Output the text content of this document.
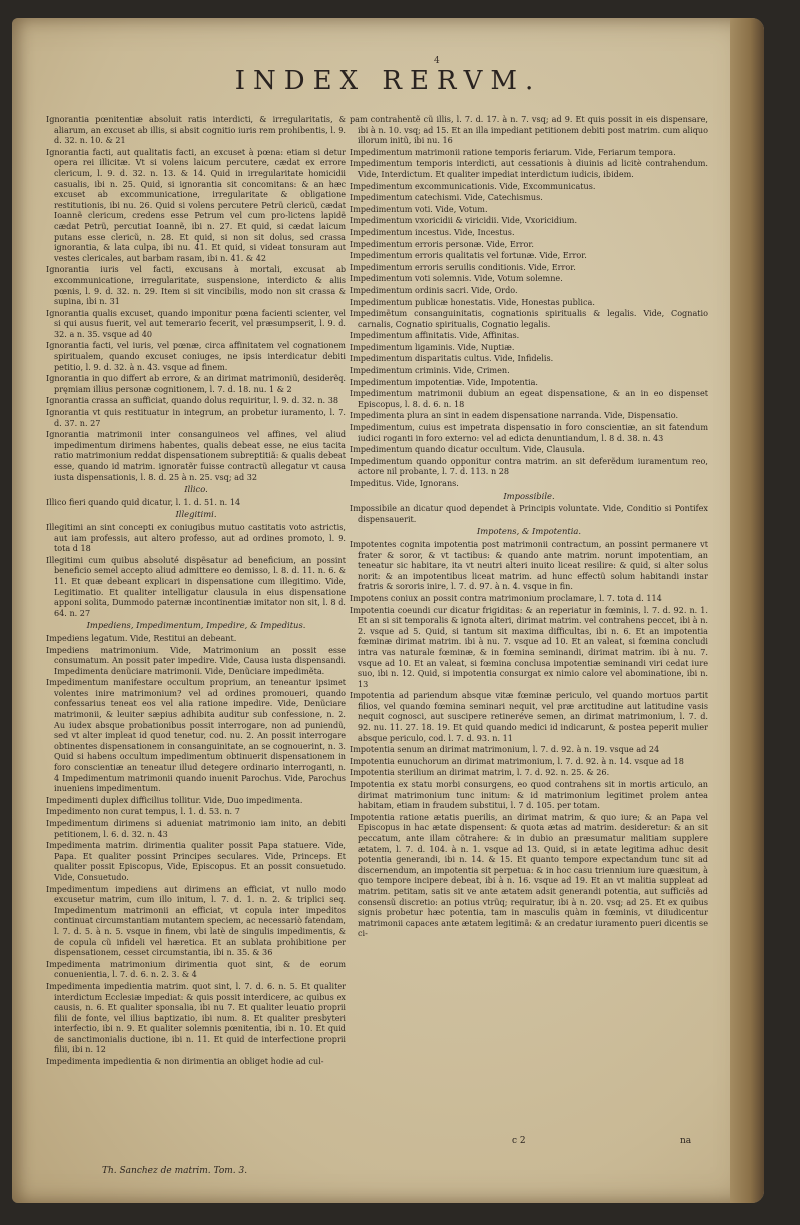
4
INDEX RERVM.
Ignorantia pœnitentiæ absoluit ratis interdicti, & irregularitatis, & aliarum, an excuset ab illis, si absit cognitio iuris rem prohibentis, l. 9. d. 32. n. 10. & 21
Ignorantia facti, aut qualitatis facti, an excuset à pœna: etiam si detur opera rei illicitæ. Vt si volens laicum percutere, cædat ex errore clericum, l. 9. d. 32. n. 13. & 14. Quid in irregularitate homicidii casualis, ibi n. 25. Quid, si ignorantia sit concomitans: & an hæc excuset ab excommunicatione, irregularitate & obligatione restitutionis, ibi nu. 26. Quid si volens percutere Petrũ clericũ, cædat Ioannẽ clericum, credens esse Petrum vel cum pro-lictens lapidẽ cædat Petrũ, percutiat Ioannẽ, ibi n. 27. Et quid, si cædat laicum putans esse clericũ, n. 28. Et quid, si non sit dolus, sed crassa ignorantia, & lata culpa, ibi nu. 41. Et quid, si videat tonsuram aut vestes clericales, aut barbam rasam, ibi n. 41. & 42
Ignorantia iuris vel facti, excusans à mortali, excusat ab excommunicatione, irregularitate, suspensione, interdicto & aliis pœnis, l. 9. d. 32. n. 29. Item si sit vincibilis, modo non sit crassa & supina, ibi n. 31
Ignorantia qualis excuset, quando imponitur pœna facienti scienter, vel si qui ausus fuerit, vel aut temerario fecerit, vel præsumpserit, l. 9. d. 32. a n. 35. vsque ad 40
Ignorantia facti, vel iuris, vel pœnæ, circa affinitatem vel cognationem spiritualem, quando excuset coniuges, ne ipsis interdicatur debiti petitio, l. 9. d. 32. à n. 43. vsque ad finem.
Ignorantia in quo differt ab errore, & an dirimat matrimoniũ, desiderẽq. pręmiam illius personæ cognitionem, l. 7. d. 18. nu. 1 & 2
Ignorantia crassa an sufficiat, quando dolus requiritur, l. 9. d. 32. n. 38
Ignorantia vt quis restituatur in integrum, an probetur iuramento, l. 7. d. 37. n. 27
Ignorantia matrimonii inter consanguineos vel affines, vel aliud impedimentum dirimens habentes, qualis debeat esse, ne eius tacita ratio matrimonium reddat dispensationem subreptitiã: & qualis debeat esse, quando id matrim. ignoratẽr fuisse contractũ allegatur vt causa iusta dispensationis, l. 8. d. 25 à n. 25. vsq; ad 32
Illico.
Illico fieri quando quid dicatur, l. 1. d. 51. n. 14
Illegitimi.
Illegitimi an sint concepti ex coniugibus mutuo castitatis voto astrictis, aut iam professis, aut altero professo, aut ad ordines promoto, l. 9. tota d 18
Illegitimi cum quibus absoluté dispẽsatur ad beneficium, an possint beneficio semel accepto aliud admittere eo demisso, l. 8. d. 11. n. 6. & 11. Et quæ debeant explicari in dispensatione cum illegitimo. Vide, Legitimatio. Et qualiter intelligatur clausula in eius dispensatione apponi solita, Dummodo paternæ incontinentiæ imitator non sit, l. 8 d. 64. n. 27
Impediens, Impedimentum, Impedire, & Impeditus.
Impediens legatum. Vide, Restitui an debeant.
Impediens matrimonium. Vide, Matrimonium an possit esse consumatum. An possit pater impedire. Vide, Causa iusta dispensandi. Impedimenta denũciare matrimonii. Vide, Denũciare impedimẽta.
Impedimentum manifestare occultum proprium, an teneantur ipsimet volentes inire matrimonium? vel ad ordines promoueri, quando confessarius teneat eos vel alia ratione impedire. Vide, Denũciare matrimonii, & leuiter sæpius adhibita auditur sub confessione, n. 2. Au iudex absque probationibus possit interrogare, non ad puniendũ, sed vt alter impleat id quod tenetur, cod. nu. 2. An possit interrogare obtinentes dispensationem in consanguinitate, an se cognouerint, n. 3. Quid si habens occultum impedimentum obtinuerit dispensationem in foro conscientiæ an teneatur illud detegere ordinario interroganti, n. 4 Impedimentum matrimonii quando inuenit Parochus. Vide, Parochus inueniens impedimentum.
Impedimenti duplex difficilius tollitur. Vide, Duo impedimenta.
Impedimento non curat tempus, l. 1. d. 53. n. 7
Impedimentum dirimens si adueniat matrimonio iam inito, an debiti petitionem, l. 6. d. 32. n. 43
Impedimenta matrim. dirimentia qualiter possit Papa statuere. Vide, Papa. Et qualiter possint Principes seculares. Vide, Princeps. Et qualiter possit Episcopus, Vide, Episcopus. Et an possit consuetudo. Vide, Consuetudo.
Impedimentum impediens aut dirimens an efficiat, vt nullo modo excusetur matrim, cum illo initum, l. 7. d. 1. n. 2. & triplici seq. Impedimentum matrimonii an efficiat, vt copula inter impeditos continuat circumstantiam mutantem speciem, ac necessariò fatendam, l. 7. d. 5. à n. 5. vsque in finem, vbi latè de singulis impedimentis, & de copula cũ infideli vel hæretica. Et an sublata prohibitione per dispensationem, cesset circumstantia, ibi n. 35. & 36
Impedimenta matrimonium dirimentia quot sint, & de eorum conuenientia, l. 7. d. 6. n. 2. 3. & 4
Impedimenta impedientia matrim. quot sint, l. 7. d. 6. n. 5. Et qualiter interdictum Ecclesiæ impediat: & quis possit interdicere, ac quibus ex causis, n. 6. Et qualiter sponsalia, ibi nu 7. Et qualiter leuatio proprii filii de fonte, vel illius baptizatio, ibi num. 8. Et qualiter presbyteri interfectio, ibi n. 9. Et qualiter solemnis pœnitentia, ibi n. 10. Et quid de sanctimonialis ductione, ibi n. 11. Et quid de interfectione proprii filii, ibi n. 12
Impedimenta impedientia & non dirimentia an obliget hodie ad cul-
pam contrahentẽ cũ illis, l. 7. d. 17. à n. 7. vsq; ad 9. Et quis possit in eis dispensare, ibi à n. 10. vsq; ad 15. Et an illa impediant petitionem debiti post matrim. cum aliquo illorum initũ, ibi nu. 16
Impedimentum matrimonii ratione temporis feriarum. Vide, Feriarum tempora.
Impedimentum temporis interdicti, aut cessationis à diuinis ad licitè contrahendum. Vide, Interdictum. Et qualiter impediat interdictum iudicis, ibidem.
Impedimentum excommunicationis. Vide, Excommunicatus.
Impedimentum catechismi. Vide, Catechismus.
Impedimentum voti. Vide, Votum.
Impedimentum vxoricidii & viricidii. Vide, Vxoricidium.
Impedimentum incestus. Vide, Incestus.
Impedimentum erroris personæ. Vide, Error.
Impedimentum erroris qualitatis vel fortunæ. Vide, Error.
Impedimentum erroris seruilis conditionis. Vide, Error.
Impedimentum voti solemnis. Vide, Votum solemne.
Impedimentum ordinis sacri. Vide, Ordo.
Impedimentum publicæ honestatis. Vide, Honestas publica.
Impedimẽtum consanguinitatis, cognationis spiritualis & legalis. Vide, Cognatio carnalis, Cognatio spiritualis, Cognatio legalis.
Impedimentum affinitatis. Vide, Affinitas.
Impedimentum ligaminis. Vide, Nuptiæ.
Impedimentum disparitatis cultus. Vide, Infidelis.
Impedimentum criminis. Vide, Crimen.
Impedimentum impotentiæ. Vide, Impotentia.
Impedimentum matrimonii dubium an egeat dispensatione, & an in eo dispenset Episcopus, l. 8. d. 6. n. 18
Impedimenta plura an sint in eadem dispensatione narranda. Vide, Dispensatio.
Impedimentum, cuius est impetrata dispensatio in foro conscientiæ, an sit fatendum iudici roganti in foro externo: vel ad edicta denuntiandum, l. 8 d. 38. n. 43
Impedimentum quando dicatur occultum. Vide, Clausula.
Impedimentum quando opponitur contra matrim. an sit deferẽdum iuramentum reo, actore nil probante, l. 7. d. 113. n 28
Impeditus. Vide, Ignorans.
Impossibile.
Impossibile an dicatur quod dependet à Principis voluntate. Vide, Conditio si Pontifex dispensauerit.
Impotens, & Impotentia.
Impotentes cognita impotentia post matrimonii contractum, an possint permanere vt frater & soror, & vt tactibus: & quando ante matrim. norunt impotentiam, an teneatur sic habitare, ita vt neutri alteri inuito liceat resilire: & quid, si alter solus norit: & an impotentibus liceat matrim. ad hunc effectũ solum habitandi instar fratris & sororis inire, l. 7. d. 97. à n. 4. vsque in fin.
Impotens coniux an possit contra matrimonium proclamare, l. 7. tota d. 114
Impotentia coeundi cur dicatur frigiditas: & an reperiatur in fœminis, l. 7. d. 92. n. 1. Et an si sit temporalis & ignota alteri, dirimat matrim. vel contrahens peccet, ibi à n. 2. vsque ad 5. Quid, si tantum sit maxima difficultas, ibi n. 6. Et an impotentia fœminæ dirimat matrim. ibi à nu. 7. vsque ad 10. Et an valeat, si fœmina concludi intra vas naturale fœminæ, & in fœmina seminandi, dirimat matrim. ibi à nu. 7. vsque ad 10. Et an valeat, si fœmina conclusa impotentiæ seminandi viri cedat iure suo, ibi n. 12. Quid, si impotentia consurgat ex nimio calore vel abominatione, ibi n. 13
Impotentia ad pariendum absque vitæ fœminæ periculo, vel quando mortuos partit filios, vel quando fœmina seminari nequit, vel præ arctitudine aut latitudine vasis nequit cognosci, aut suscipere retineréve semen, an dirimat matrimonium, l. 7. d. 92. nu. 11. 27. 18. 19. Et quid quando medici id indicarunt, & postea peperit mulier absque periculo, cod. l. 7. d. 93. n. 11
Impotentia senum an dirimat matrimonium, l. 7. d. 92. à n. 19. vsque ad 24
Impotentia eunuchorum an dirimat matrimonium, l. 7. d. 92. à n. 14. vsque ad 18
Impotentia sterilium an dirimat matrim, l. 7. d. 92. n. 25. & 26.
Impotentia ex statu morbi consurgens, eo quod contrahens sit in mortis articulo, an dirimat matrimonium tunc initum: & id matrimonium legitimet prolem antea habitam, etiam in fraudem substitui, l. 7 d. 105. per totam.
Impotentia ratione ætatis puerilis, an dirimat matrim, & quo iure; & an Papa vel Episcopus in hac ætate dispensent: & quota ætas ad matrim. desideretur: & an sit peccatum, ante illam cõtrahere: & in dubio an præsumatur malitiam supplere ætatem, l. 7. d. 104. à n. 1. vsque ad 13. Quid, si in ætate legitima adhuc desit potentia generandi, ibi n. 14. & 15. Et quanto tempore expectandum tunc sit ad discernendum, an impotentia sit perpetua: & in hoc casu triennium iure quæsitum, à quo tempore incipere debeat, ibi à n. 16. vsque ad 19. Et an vt malitia suppleat ad matrim. petitam, satis sit ve ante ætatem adsit generandi potentia, aut sufficiẽs ad consensũ discretio: an potius vtrũq; requiratur, ibi à n. 20. vsq; ad 25. Et ex quibus signis probetur hæc potentia, tam in masculis quàm in fœminis, vt diiudicentur matrimonii capaces ante ætatem legitimã: & an credatur iuramento pueri dicentis se ci-
c 2	na
Th. Sanchez de matrim. Tom. 3.
